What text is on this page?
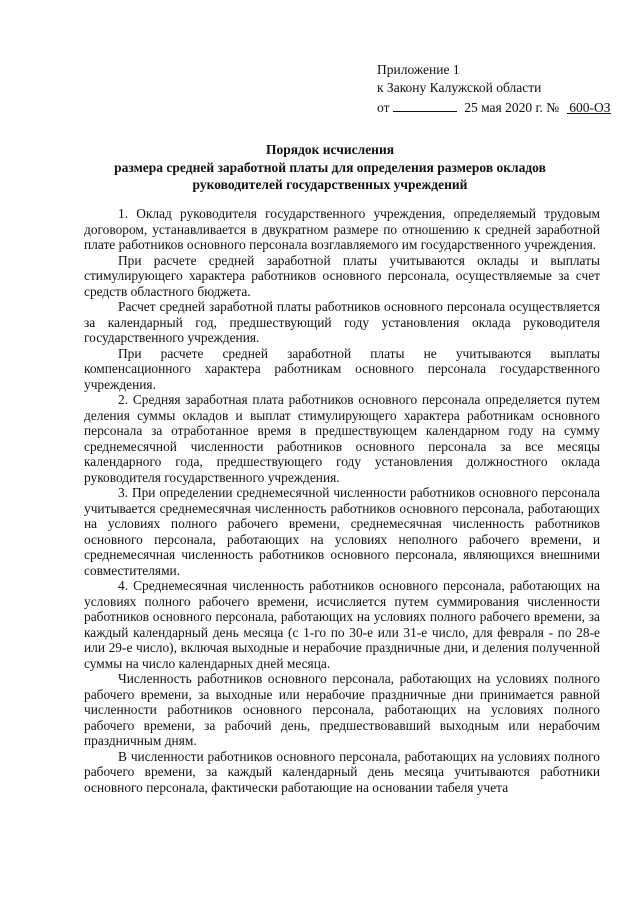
Приложение 1
к Закону Калужской области
от	25 мая 2020 г. № 600-ОЗ
Порядок исчисления
размера средней заработной платы для определения размеров окладов
руководителей государственных учреждений

1. Оклад руководителя государственного учреждения, определяемый трудовым договором, устанавливается в двукратном размере по отношению к средней заработной плате работников основного персонала возглавляемого им государственного учреждения.

При расчете средней заработной платы учитываются оклады и выплаты стимулирующего характера работников основного персонала, осуществляемые за счет средств областного бюджета.

Расчет средней заработной платы работников основного персонала осуществляется за календарный год, предшествующий году установления оклада руководителя государственного учреждения.

При расчете средней заработной платы не учитываются выплаты компенсационного характера работникам основного персонала государственного учреждения.

2. Средняя заработная плата работников основного персонала определяется путем деления суммы окладов и выплат стимулирующего характера работникам основного персонала за отработанное время в предшествующем календарном году на сумму среднемесячной численности работников основного персонала за все месяцы календарного года, предшествующего году установления должностного оклада руководителя государственного учреждения.

3. При определении среднемесячной численности работников основного персонала учитывается среднемесячная численность работников основного персонала, работающих на условиях полного рабочего времени, среднемесячная численность работников основного персонала, работающих на условиях неполного рабочего времени, и среднемесячная численность работников основного персонала, являющихся внешними совместителями.

4. Среднемесячная численность работников основного персонала, работающих на условиях полного рабочего времени, исчисляется путем суммирования численности работников основного персонала, работающих на условиях полного рабочего времени, за каждый календарный день месяца (с 1-го по 30-е или 31-е число, для февраля - по 28-е или 29-е число), включая выходные и нерабочие праздничные дни, и деления полученной суммы на число календарных дней месяца.

Численность работников основного персонала, работающих на условиях полного рабочего времени, за выходные или нерабочие праздничные дни принимается равной численности работников основного персонала, работающих на условиях полного рабочего времени, за рабочий день, предшествовавший выходным или нерабочим праздничным дням.

В численности работников основного персонала, работающих на условиях полного рабочего времени, за каждый календарный день месяца учитываются работники основного персонала, фактически работающие на основании табеля учета
